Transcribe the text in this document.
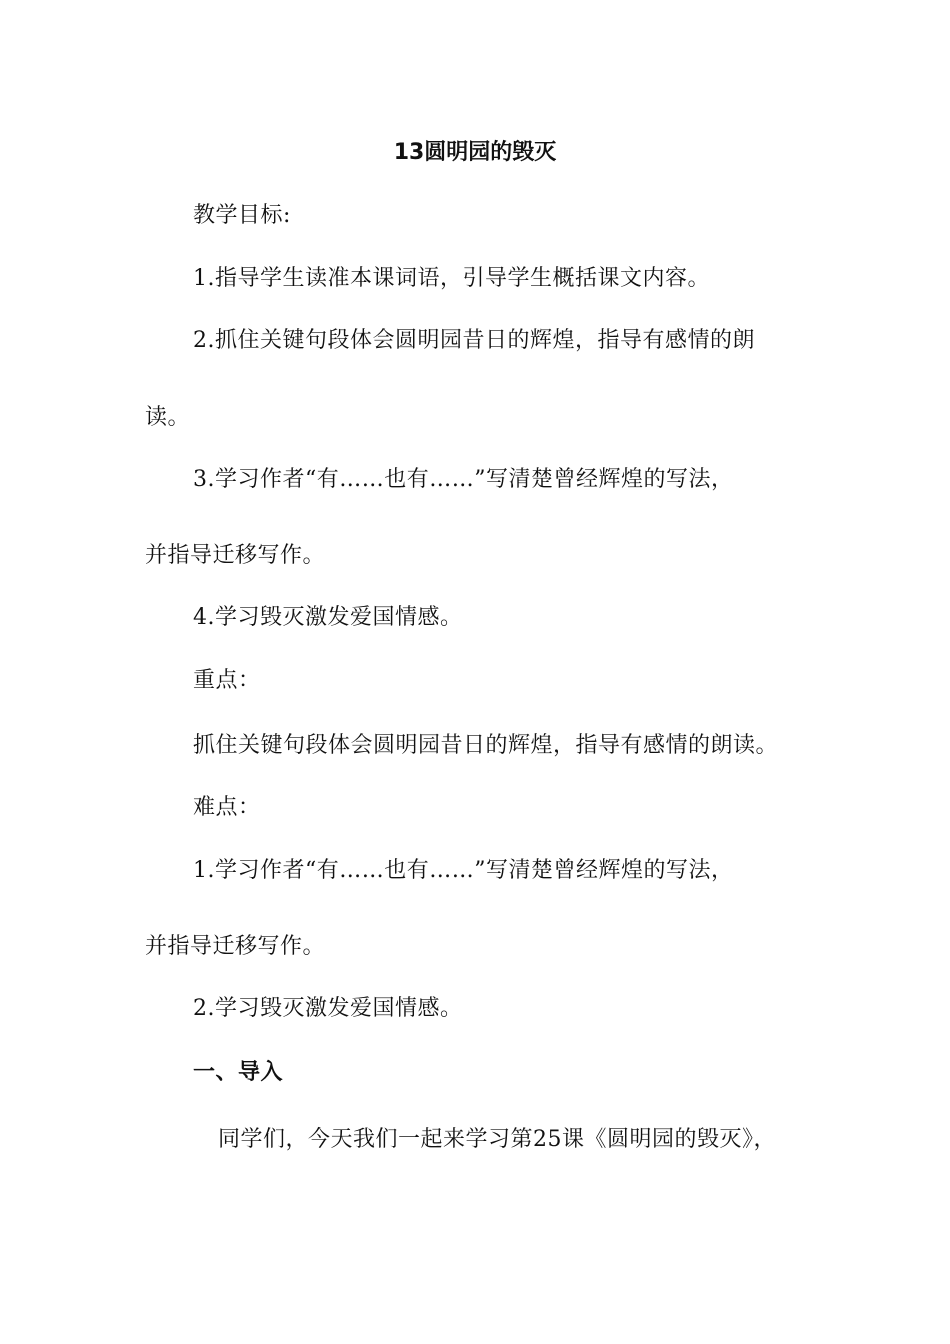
13圆明园的毁灭
教学目标:
1.指导学生读准本课词语，引导学生概括课文内容。
2.抓住关键句段体会圆明园昔日的辉煌，指导有感情的朗
读。
3.学习作者“有……也有……”写清楚曾经辉煌的写法，
并指导迁移写作。
4.学习毁灭激发爱国情感。
重点：
抓住关键句段体会圆明园昔日的辉煌，指导有感情的朗读。
难点：
1.学习作者“有……也有……”写清楚曾经辉煌的写法，
并指导迁移写作。
2.学习毁灭激发爱国情感。
一、导入
同学们，今天我们一起来学习第25课《圆明园的毁灭》，
